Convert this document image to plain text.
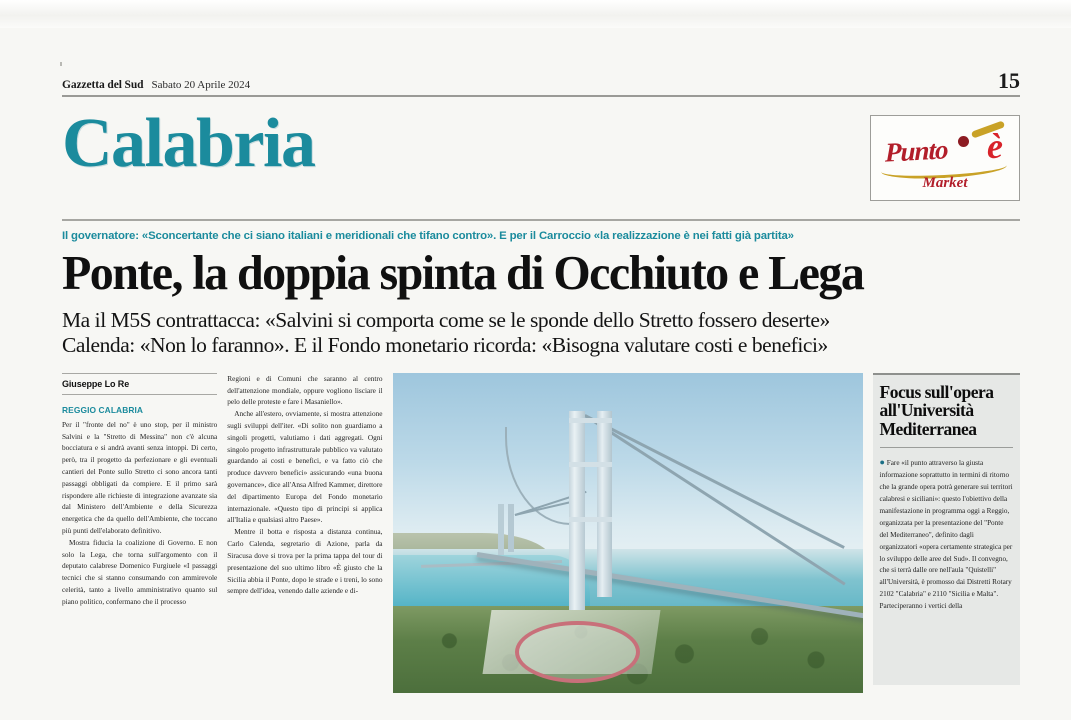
Gazzetta del Sud Sabato 20 Aprile 2024	15
Calabria	Punto è
Market
Il governatore: «Sconcertante che ci siano italiani e meridionali che tifano contro». E per il Carroccio «la realizzazione è nei fatti già partita»
Ponte, la doppia spinta di Occhiuto e Lega
Ma il M5S contrattacca: «Salvini si comporta come se le sponde dello Stretto fossero deserte»
Calenda: «Non lo faranno». E il Fondo monetario ricorda: «Bisogna valutare costi e benefici»
Giuseppe Lo Re
REGGIO CALABRIA

Per il "fronte del no" è uno stop, per il ministro Salvini e la "Stretto di Messina" non c'è alcuna bocciatura e si andrà avanti senza intoppi. Di certo, però, tra il progetto da perfezionare e gli eventuali cantieri del Ponte sullo Stretto ci sono ancora tanti passaggi obbligati da compiere. E il primo sarà rispondere alle richieste di integrazione avanzate sia dal Ministero dell'Ambiente e della Sicurezza energetica che da quello dell'Ambiente, che toccano più punti dell'elaborato definitivo.

Mostra fiducia la coalizione di Governo. E non solo la Lega, che torna sull'argomento con il deputato calabrese Domenico Furgiuele «I passaggi tecnici che si stanno consumando con ammirevole celerità, tanto a livello amministrativo quanto sul piano politico, confermano che il processo

Regioni e di Comuni che saranno al centro dell'attenzione mondiale, oppure vogliono lisciare il pelo delle proteste e fare i Masaniello».

Anche all'estero, ovviamente, si mostra attenzione sugli sviluppi dell'iter. «Di solito non guardiamo a singoli progetti, valutiamo i dati aggregati. Ogni singolo progetto infrastrutturale pubblico va valutato guardando ai costi e benefici, e va fatto ciò che produce davvero benefici» assicurando «una buona governance», dice all'Ansa Alfred Kammer, direttore del dipartimento Europa del Fondo monetario internazionale. «Questo tipo di principi si applica all'Italia e qualsiasi altro Paese».

Mentre il botta e risposta a distanza continua, Carlo Calenda, segretario di Azione, parla da Siracusa dove si trova per la prima tappa del tour di presentazione del suo ultimo libro «È giusto che la Sicilia abbia il Ponte, dopo le strade e i treni, lo sono sempre dell'idea, venendo dalle aziende e di-

Focus sull'opera
all'Università
Mediterranea
● Fare «il punto attraverso la giusta informazione soprattutto in termini di ritorno che la grande opera potrà generare sui territori calabresi e siciliani»: questo l'obiettivo della manifestazione in programma oggi a Reggio, organizzata per la presentazione del "Ponte del Mediterraneo", definito dagli organizzatori «opera certamente strategica per lo sviluppo delle aree del Sud». Il convegno, che si terrà dalle ore nell'aula "Quistelli" all'Università, è promosso dai Distretti Rotary 2102 "Calabria" e 2110 "Sicilia e Malta". Parteciperanno i vertici della
